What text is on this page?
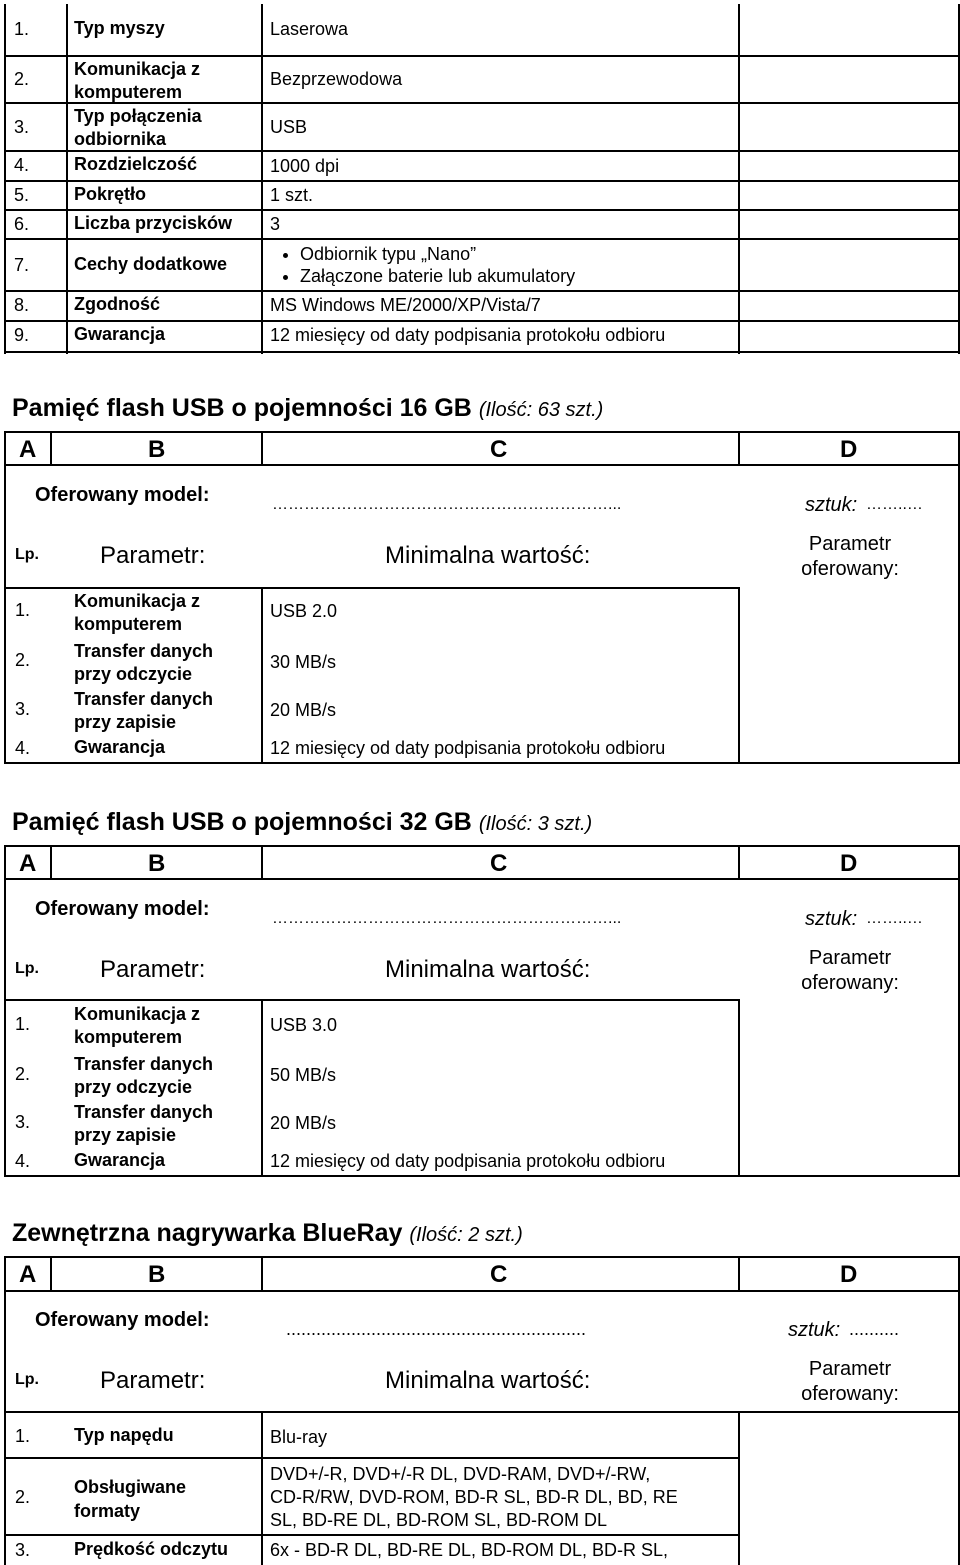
1. Typ myszy	Laserowa
2. Komunikacja z
komputerem
Bezprzewodowa
3.
Typ połączenia
odbiornika
USB
4. Rozdzielczość	1000 dpi
5. Pokrętło	1 szt.
6. Liczba przycisków 3
7. Cechy dodatkowe
•	Odbiornik typu „Nano”
• Załączone baterie lub akumulatory
8. Zgodność	MS Windows ME/2000/XP/Vista/7
9. Gwarancja	12 miesięcy od daty podpisania protokołu odbioru
Pamięć flash USB o pojemności 16 GB (Ilość: 63 szt.)
A	B	C	D
Oferowany model:	………………………………………………………...	sztuk: ……..…
Lp.	Parametr:	Minimalna wartość:	Parametr
oferowany:
1. Komunikacja z
komputerem
USB 2.0
2. Transfer danych
przy odczycie
30 MB/s
3. Transfer danych
przy zapisie
20 MB/s
4. Gwarancja	12 miesięcy od daty podpisania protokołu odbioru
Pamięć flash USB o pojemności 32 GB (Ilość: 3 szt.)
A	B	C	D
Oferowany model:	………………………………………………………...	sztuk: ……..…
Lp.	Parametr:	Minimalna wartość:	Parametr
oferowany:
1. Komunikacja z
komputerem
USB 3.0
2. Transfer danych
przy odczycie
50 MB/s
3. Transfer danych
przy zapisie
20 MB/s
4. Gwarancja	12 miesięcy od daty podpisania protokołu odbioru
Zewnętrzna nagrywarka BlueRay (Ilość: 2 szt.)
A	B	C	D
Oferowany model:	............................................................	sztuk: ..........
Lp.	Parametr:	Minimalna wartość:	Parametr
oferowany:
1. Typ napędu	Blu-ray
2. Obsługiwane
formaty
DVD+/-R, DVD+/-R DL, DVD-RAM, DVD+/-RW,
CD-R/RW, DVD-ROM, BD-R SL, BD-R DL, BD, RE
SL, BD-RE DL, BD-ROM SL, BD-ROM DL
3. Prędkość odczytu 6x - BD-R DL, BD-RE DL, BD-ROM DL, BD-R SL,
